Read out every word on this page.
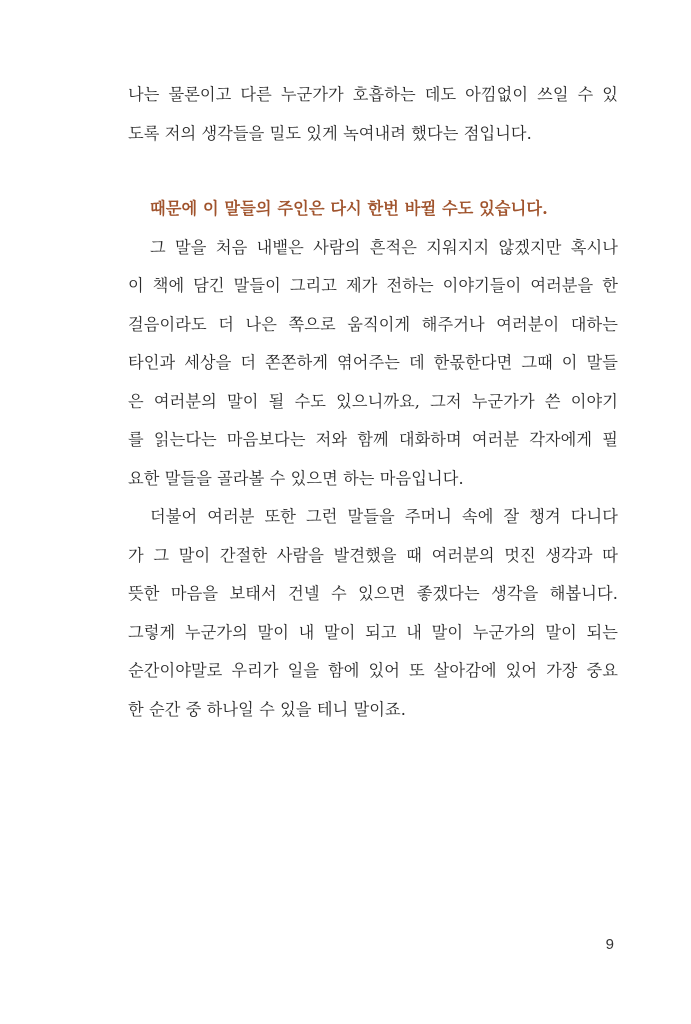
나는 물론이고 다른 누군가가 호흡하는 데도 아낌없이 쓰일 수 있
도록 저의 생각들을 밀도 있게 녹여내려 했다는 점입니다.
때문에 이 말들의 주인은 다시 한번 바뀔 수도 있습니다.
그 말을 처음 내뱉은 사람의 흔적은 지워지지 않겠지만 혹시나
이 책에 담긴 말들이 그리고 제가 전하는 이야기들이 여러분을 한
걸음이라도 더 나은 쪽으로 움직이게 해주거나 여러분이 대하는
타인과 세상을 더 쫀쫀하게 엮어주는 데 한몫한다면 그때 이 말들
은 여러분의 말이 될 수도 있으니까요, 그저 누군가가 쓴 이야기
를 읽는다는 마음보다는 저와 함께 대화하며 여러분 각자에게 필
요한 말들을 골라볼 수 있으면 하는 마음입니다.
더불어 여러분 또한 그런 말들을 주머니 속에 잘 챙겨 다니다
가 그 말이 간절한 사람을 발견했을 때 여러분의 멋진 생각과 따
뜻한 마음을 보태서 건넬 수 있으면 좋겠다는 생각을 해봅니다.
그렇게 누군가의 말이 내 말이 되고 내 말이 누군가의 말이 되는
순간이야말로 우리가 일을 함에 있어 또 살아감에 있어 가장 중요
한 순간 중 하나일 수 있을 테니 말이죠.
9
